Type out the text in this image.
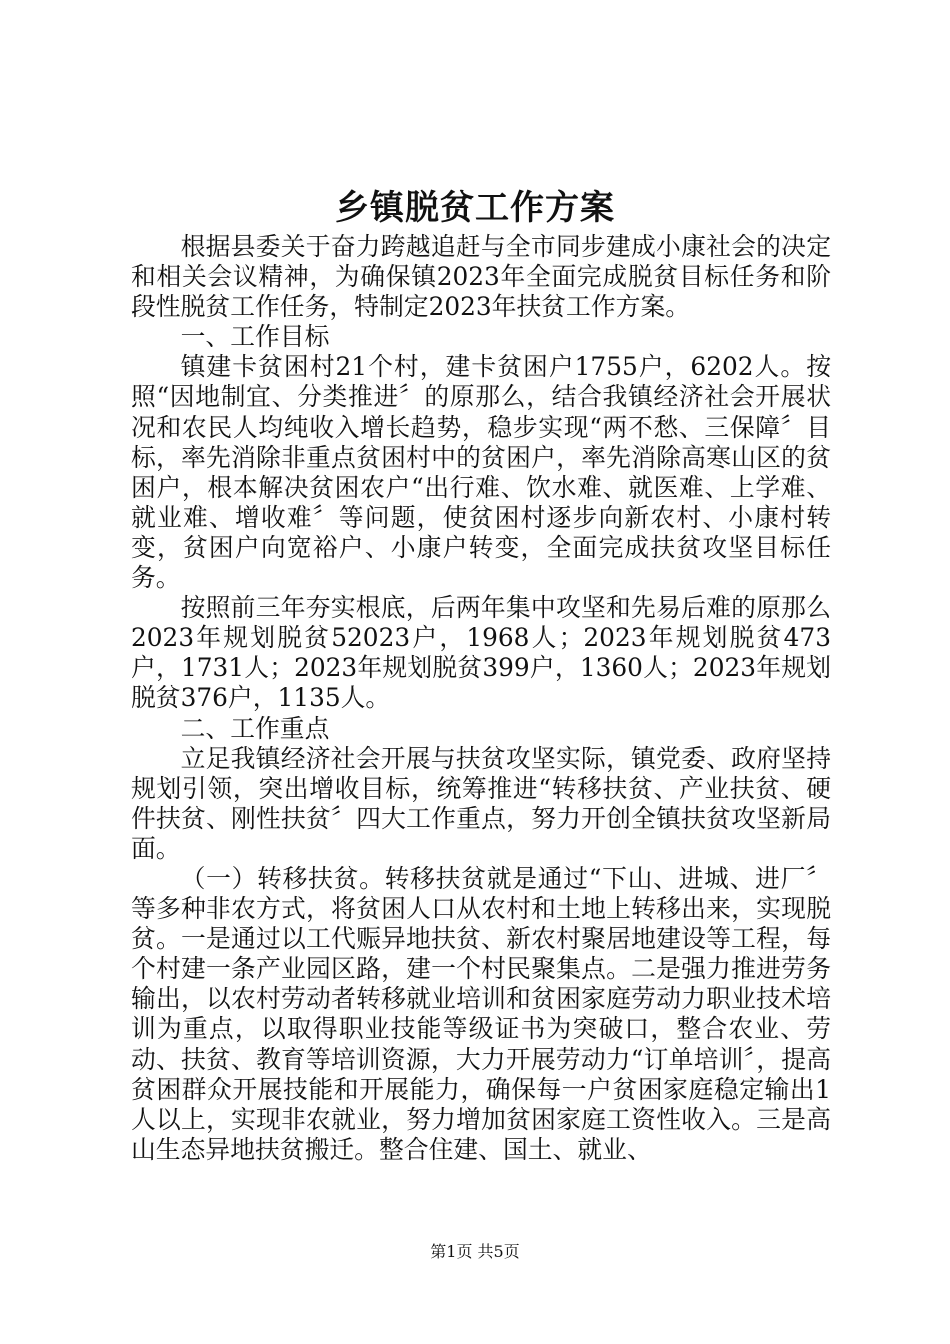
乡镇脱贫工作方案

根据县委关于奋力跨越追赶与全市同步建成小康社会的决定和相关会议精神，为确保镇2023年全面完成脱贫目标任务和阶段性脱贫工作任务，特制定2023年扶贫工作方案。

一、工作目标

镇建卡贫困村21个村，建卡贫困户1755户，6202人。按照“因地制宜、分类推进〞的原那么，结合我镇经济社会开展状况和农民人均纯收入增长趋势，稳步实现“两不愁、三保障〞目标，率先消除非重点贫困村中的贫困户，率先消除高寒山区的贫困户，根本解决贫困农户“出行难、饮水难、就医难、上学难、就业难、增收难〞等问题，使贫困村逐步向新农村、小康村转变，贫困户向宽裕户、小康户转变，全面完成扶贫攻坚目标任务。

按照前三年夯实根底，后两年集中攻坚和先易后难的原那么2023年规划脱贫52023户，1968人；2023年规划脱贫473户，1731人；2023年规划脱贫399户，1360人；2023年规划脱贫376户，1135人。

二、工作重点

立足我镇经济社会开展与扶贫攻坚实际，镇党委、政府坚持规划引领，突出增收目标，统筹推进“转移扶贫、产业扶贫、硬件扶贫、刚性扶贫〞四大工作重点，努力开创全镇扶贫攻坚新局面。

（一）转移扶贫。转移扶贫就是通过“下山、进城、进厂〞等多种非农方式，将贫困人口从农村和土地上转移出来，实现脱贫。一是通过以工代赈异地扶贫、新农村聚居地建设等工程，每个村建一条产业园区路，建一个村民聚集点。二是强力推进劳务输出，以农村劳动者转移就业培训和贫困家庭劳动力职业技术培训为重点，以取得职业技能等级证书为突破口，整合农业、劳动、扶贫、教育等培训资源，大力开展劳动力“订单培训〞，提高贫困群众开展技能和开展能力，确保每一户贫困家庭稳定输出1人以上，实现非农就业，努力增加贫困家庭工资性收入。三是高山生态异地扶贫搬迁。整合住建、国土、就业、

第1页 共5页
